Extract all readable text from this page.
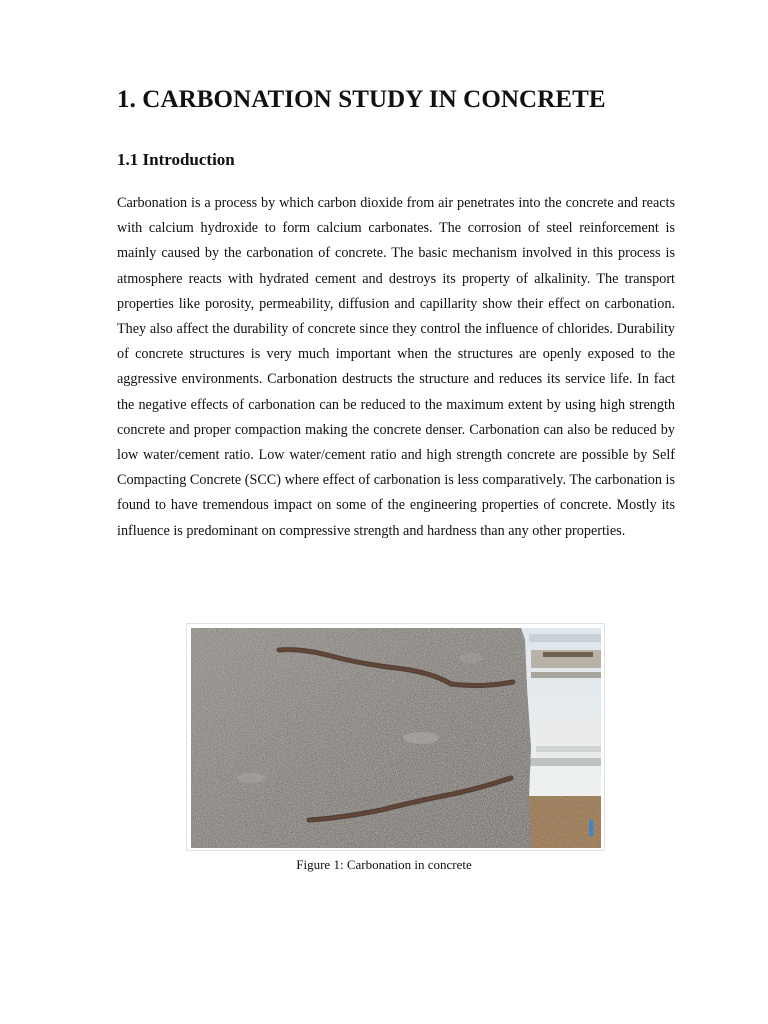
1. CARBONATION STUDY IN CONCRETE
1.1 Introduction

Carbonation is a process by which carbon dioxide from air penetrates into the concrete and reacts with calcium hydroxide to form calcium carbonates. The corrosion of steel reinforcement is mainly caused by the carbonation of concrete. The basic mechanism involved in this process is atmosphere reacts with hydrated cement and destroys its property of alkalinity. The transport properties like porosity, permeability, diffusion and capillarity show their effect on carbonation. They also affect the durability of concrete since they control the influence of chlorides. Durability of concrete structures is very much important when the structures are openly exposed to the aggressive environments. Carbonation destructs the structure and reduces its service life. In fact the negative effects of carbonation can be reduced to the maximum extent by using high strength concrete and proper compaction making the concrete denser. Carbonation can also be reduced by low water/cement ratio. Low water/cement ratio and high strength concrete are possible by Self Compacting Concrete (SCC) where effect of carbonation is less comparatively. The carbonation is found to have tremendous impact on some of the engineering properties of concrete. Mostly its influence is predominant on compressive strength and hardness than any other properties.

Figure 1: Carbonation in concrete
